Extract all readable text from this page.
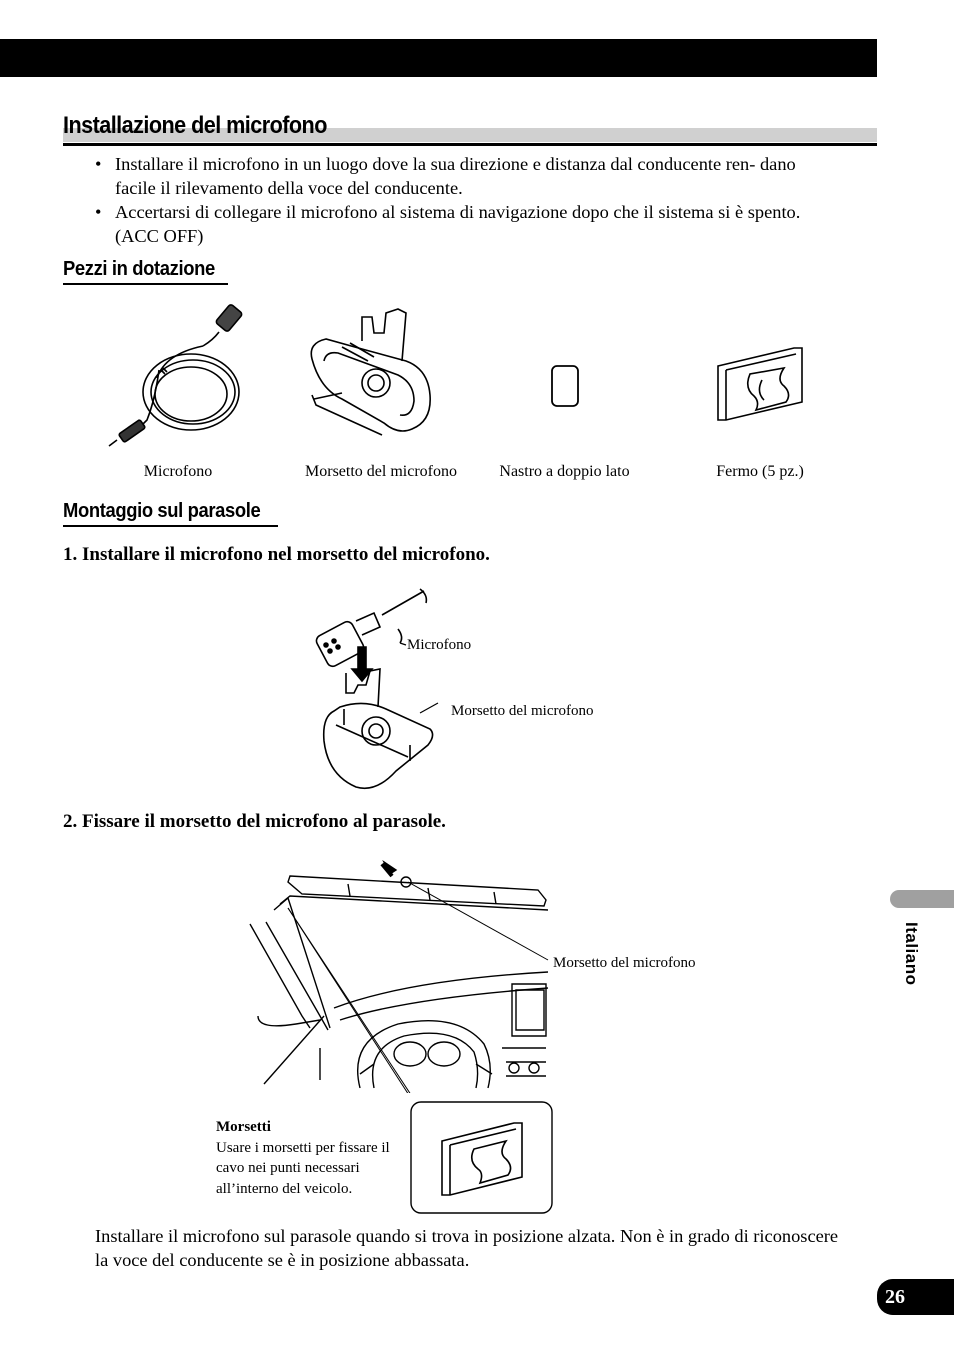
Installazione del microfono
• Installare il microfono in un luogo dove la sua direzione e distanza dal conducente ren- dano facile il rilevamento della voce del conducente.
• Accertarsi di collegare il microfono al sistema di navigazione dopo che il sistema si è spento. (ACC OFF)
Pezzi in dotazione
Microfono	Morsetto del microfono	Nastro a doppio lato	Fermo (5 pz.)
Montaggio sul parasole
1. Installare il microfono nel morsetto del microfono.
Microfono
Morsetto del microfono
2. Fissare il morsetto del microfono al parasole.
Morsetto del microfono
Morsetti
Usare i morsetti per fissare il cavo nei punti necessari all’interno del veicolo.
Installare il microfono sul parasole quando si trova in posizione alzata. Non è in grado di riconoscere la voce del conducente se è in posizione abbassata.
Italiano
26
